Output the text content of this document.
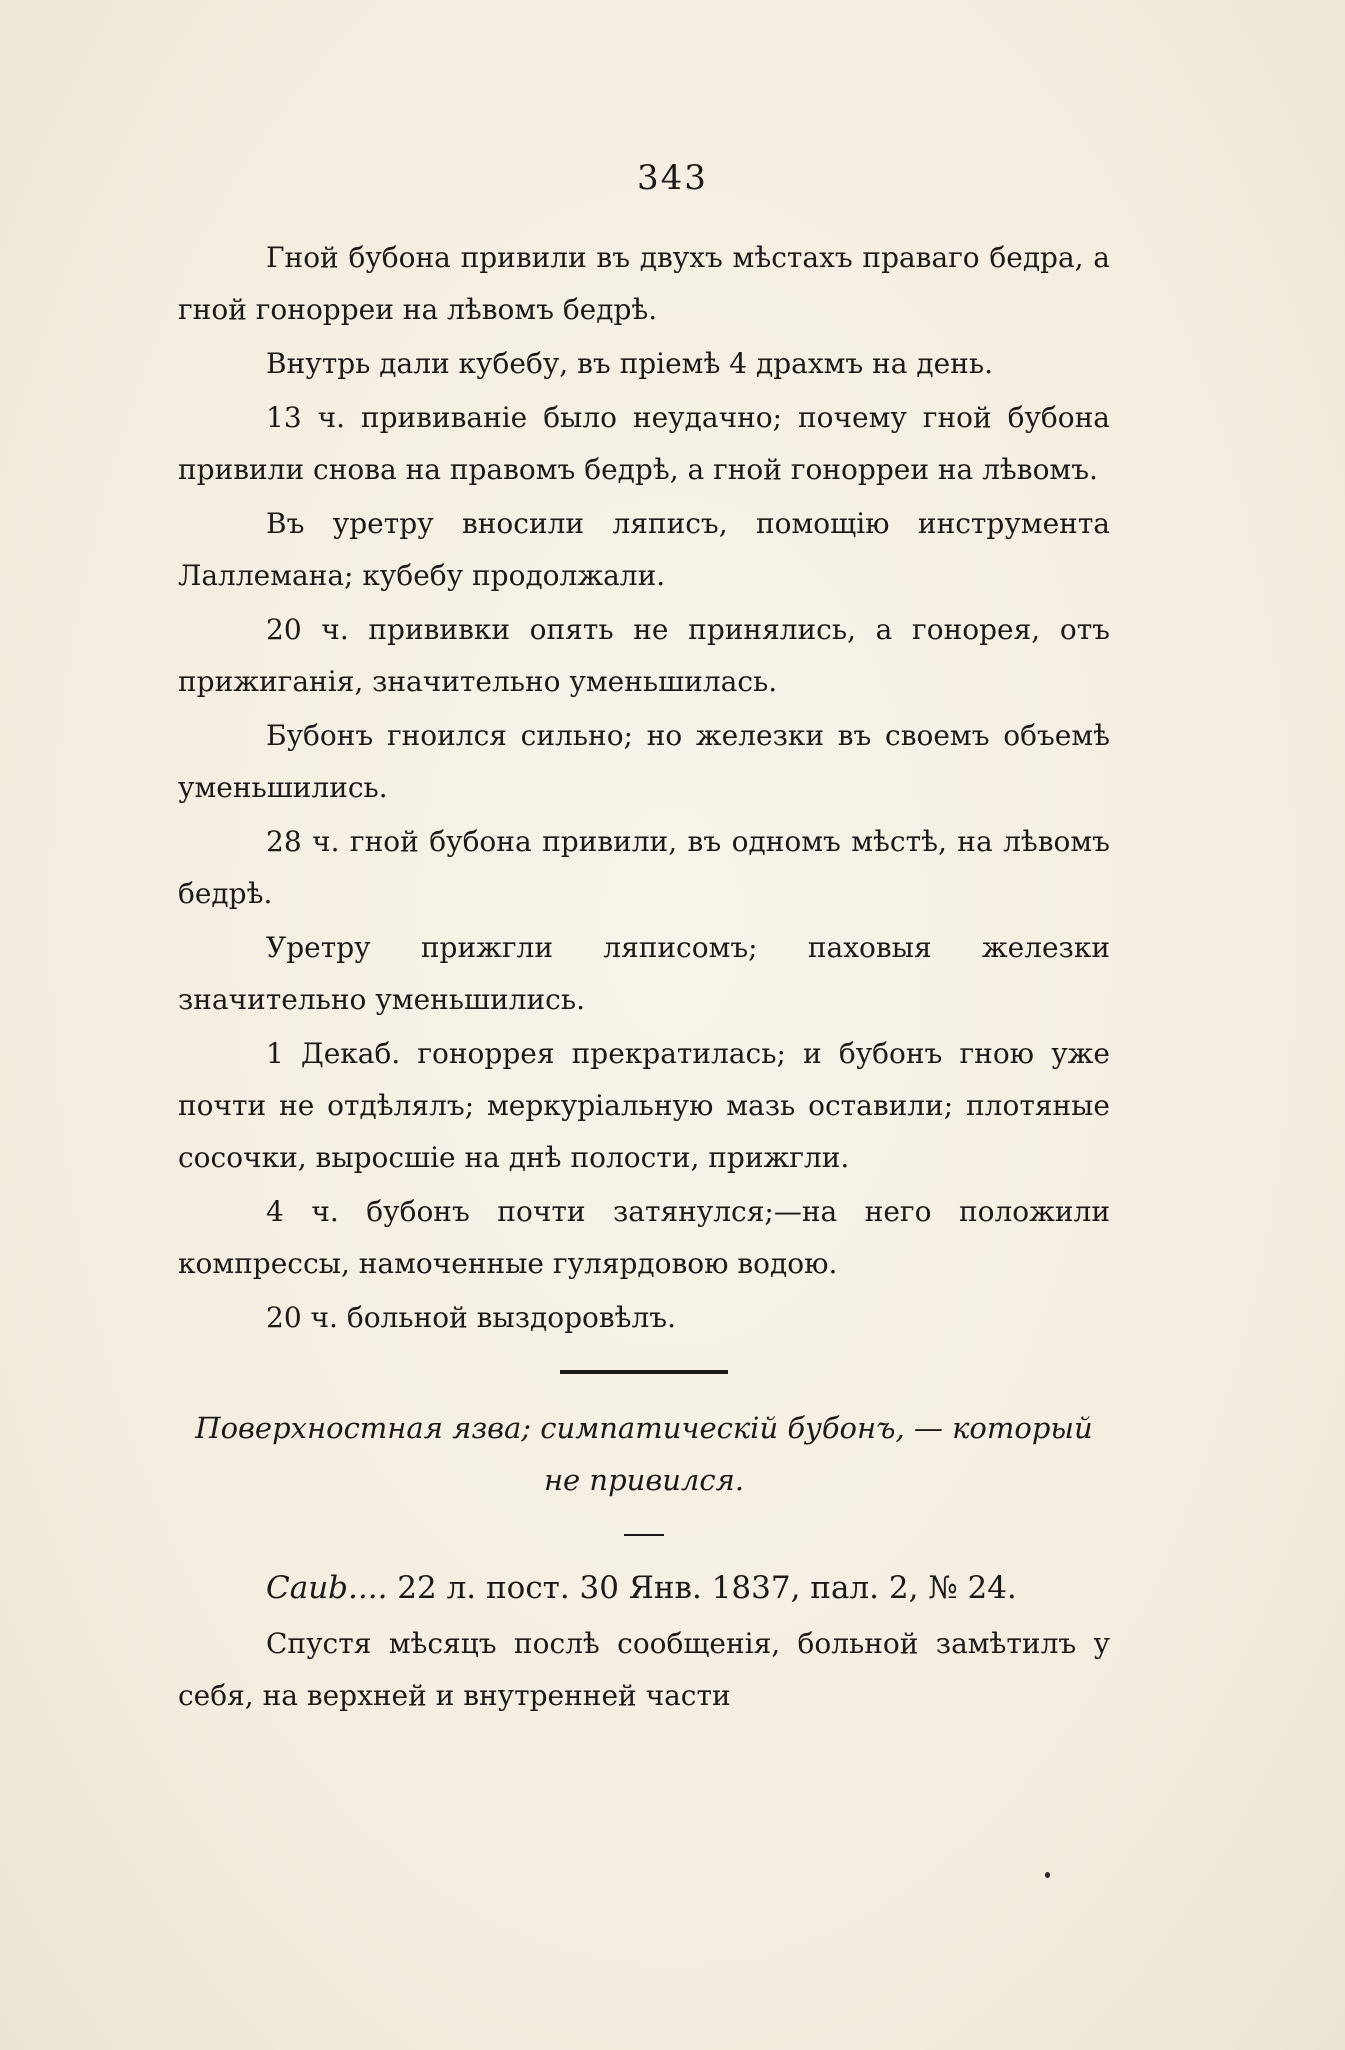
343

Гной бубона привили въ двухъ мѣстахъ праваго бедра, а гной гонорреи на лѣвомъ бедрѣ.

Внутрь дали кубебу, въ пріемѣ 4 драхмъ на день.

13 ч. прививаніе было неудачно; почему гной бубона привили снова на правомъ бедрѣ, а гной гонорреи на лѣвомъ.

Въ уретру вносили ляписъ, помощію инструмента Лаллемана; кубебу продолжали.

20 ч. прививки опять не принялись, а гонорея, отъ прижиганія, значительно уменьшилась.

Бубонъ гноился сильно; но железки въ своемъ объемѣ уменьшились.

28 ч. гной бубона привили, въ одномъ мѣстѣ, на лѣвомъ бедрѣ.

Уретру прижгли ляписомъ; паховыя железки значительно уменьшились.

1 Декаб. гоноррея прекратилась; и бубонъ гною уже почти не отдѣлялъ; меркуріальную мазь оставили; плотяные сосочки, выросшіе на днѣ полости, прижгли.

4 ч. бубонъ почти затянулся;—на него положили компрессы, намоченные гулярдовою водою.

20 ч. больной выздоровѣлъ.

Поверхностная язва; симпатическій бубонъ, — который не привился.

Caub.... 22 л. пост. 30 Янв. 1837, пал. 2, № 24.

Спустя мѣсяцъ послѣ сообщенія, больной замѣтилъ у себя, на верхней и внутренней части
